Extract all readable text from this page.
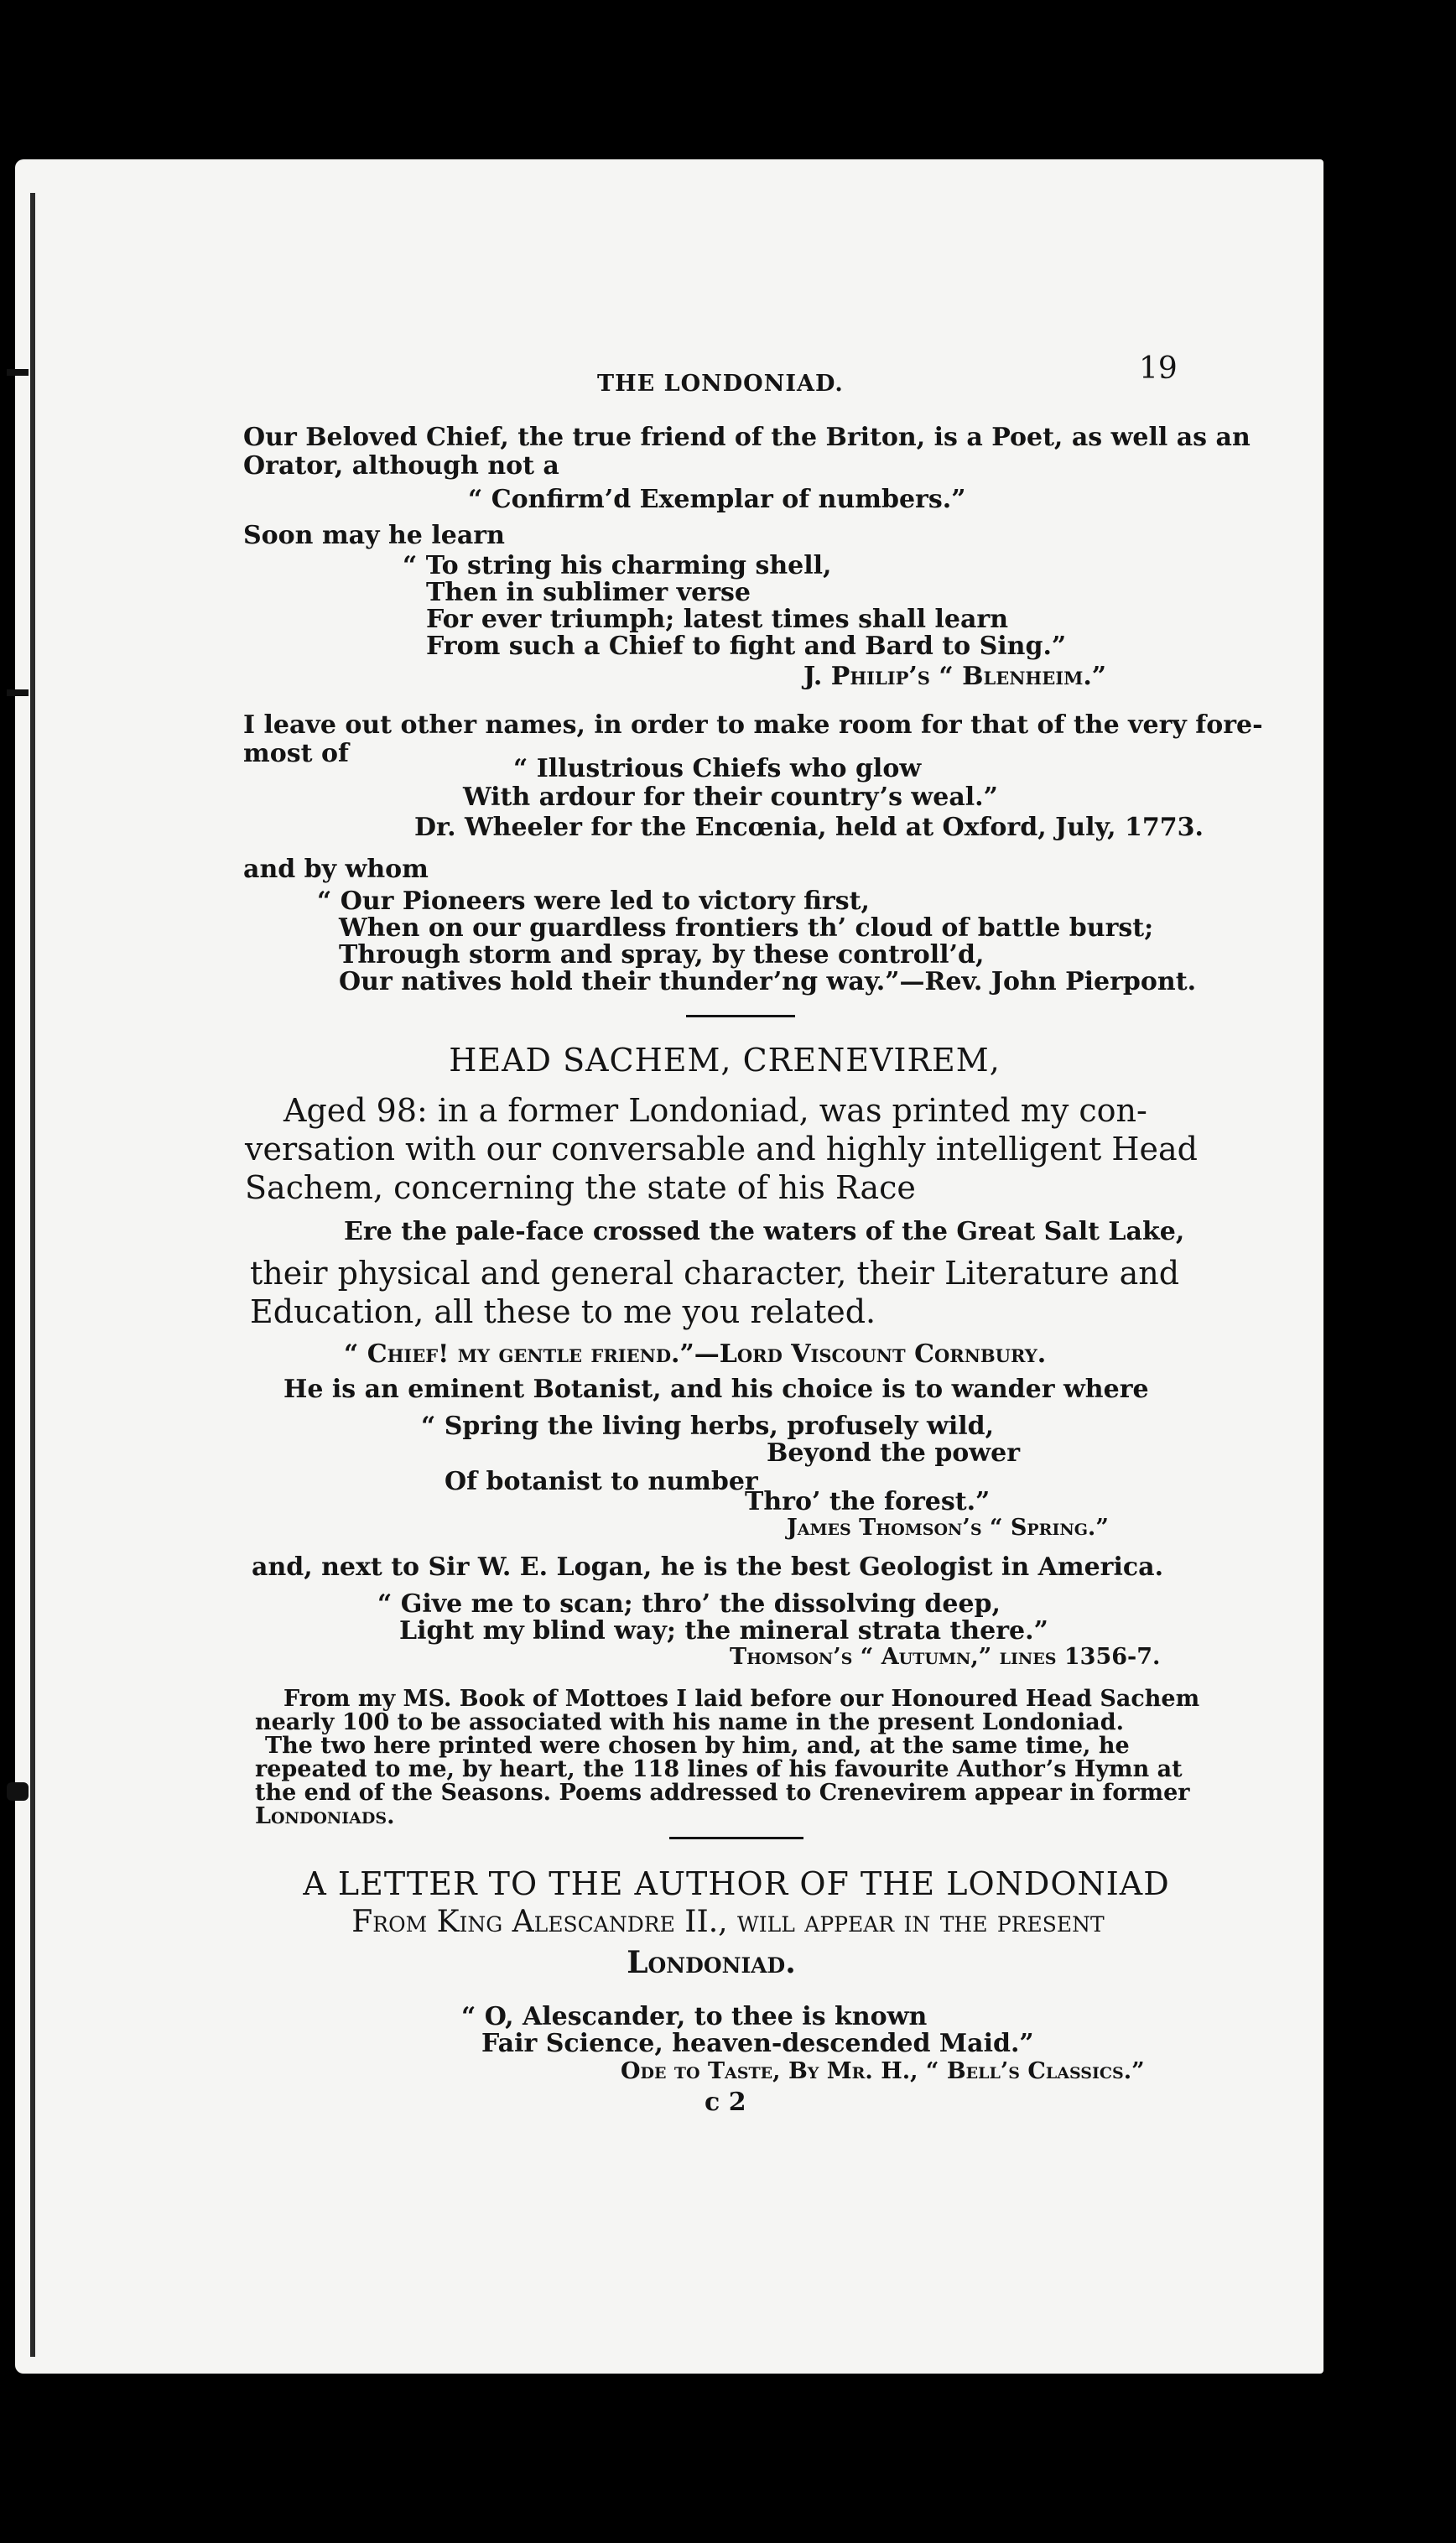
THE LONDONIAD.	19
Our Beloved Chief, the true friend of the Briton, is a Poet, as well as an
Orator, although not a
“ Confirm’d Exemplar of numbers.”
Soon may he learn
“ To string his charming shell,
Then in sublimer verse
For ever triumph; latest times shall learn
From such a Chief to fight and Bard to Sing.”
J. Philip’s “ Blenheim.”
I leave out other names, in order to make room for that of the very fore-
most of
“ Illustrious Chiefs who glow
With ardour for their country’s weal.”
Dr. Wheeler for the Encœnia, held at Oxford, July, 1773.
and by whom
“ Our Pioneers were led to victory first,
When on our guardless frontiers th’ cloud of battle burst;
Through storm and spray, by these controll’d,
Our natives hold their thunder’ng way.”—Rev. John Pierpont.
HEAD SACHEM, CRENEVIREM,
Aged 98: in a former Londoniad, was printed my con-
versation with our conversable and highly intelligent Head
Sachem, concerning the state of his Race
Ere the pale-face crossed the waters of the Great Salt Lake,
their physical and general character, their Literature and
Education, all these to me you related.
“ Chief! my gentle friend.”—Lord Viscount Cornbury.
He is an eminent Botanist, and his choice is to wander where
“ Spring the living herbs, profusely wild,
Beyond the power
Of botanist to number
Thro’ the forest.”
James Thomson’s “ Spring.”
and, next to Sir W. E. Logan, he is the best Geologist in America.
“ Give me to scan; thro’ the dissolving deep,
Light my blind way; the mineral strata there.”
Thomson’s “ Autumn,” lines 1356-7.
From my MS. Book of Mottoes I laid before our Honoured Head Sachem
nearly 100 to be associated with his name in the present Londoniad.
The two here printed were chosen by him, and, at the same time, he
repeated to me, by heart, the 118 lines of his favourite Author’s Hymn at
the end of the Seasons. Poems addressed to Crenevirem appear in former
Londoniads.
A LETTER TO THE AUTHOR OF THE LONDONIAD
From King Alescandre II., will appear in the present
Londoniad.
“ O, Alescander, to thee is known
Fair Science, heaven-descended Maid.”
Ode to Taste, By Mr. H., “ Bell’s Classics.”
c 2
